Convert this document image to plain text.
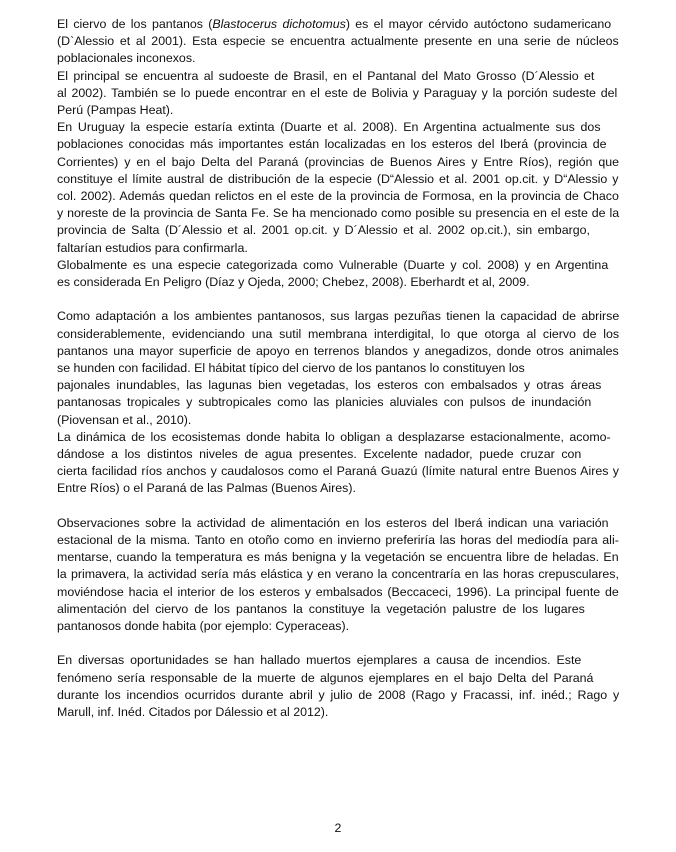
El ciervo de los pantanos (Blastocerus dichotomus) es el mayor cérvido autóctono sudamericano
(D`Alessio et al 2001). Esta especie se encuentra actualmente presente en una serie de núcleos
poblacionales inconexos.
El principal se encuentra al sudoeste de Brasil, en el Pantanal del Mato Grosso (D´Alessio et
al 2002). También se lo puede encontrar en el este de Bolivia y Paraguay y la porción sudeste del
Perú (Pampas Heat).
En Uruguay la especie estaría extinta (Duarte et al. 2008). En Argentina actualmente sus dos
poblaciones conocidas más importantes están localizadas en los esteros del Iberá (provincia de
Corrientes) y en el bajo Delta del Paraná (provincias de Buenos Aires y Entre Ríos), región que
constituye el límite austral de distribución de la especie (D“Alessio et al. 2001 op.cit. y D“Alessio y
col. 2002). Además quedan relictos en el este de la provincia de Formosa, en la provincia de Chaco
y noreste de la provincia de Santa Fe. Se ha mencionado como posible su presencia en el este de la
provincia de Salta (D´Alessio et al. 2001 op.cit. y D´Alessio et al. 2002 op.cit.), sin embargo,
faltarían estudios para confirmarla.
Globalmente es una especie categorizada como Vulnerable (Duarte y col. 2008) y en Argentina
es considerada En Peligro (Díaz y Ojeda, 2000; Chebez, 2008). Eberhardt et al, 2009.
Como adaptación a los ambientes pantanosos, sus largas pezuñas tienen la capacidad de abrirse
considerablemente, evidenciando una sutil membrana interdigital, lo que otorga al ciervo de los
pantanos una mayor superficie de apoyo en terrenos blandos y anegadizos, donde otros animales
se hunden con facilidad. El hábitat típico del ciervo de los pantanos lo constituyen los
pajonales inundables, las lagunas bien vegetadas, los esteros con embalsados y otras áreas
pantanosas tropicales y subtropicales como las planicies aluviales con pulsos de inundación
(Piovensan et al., 2010).
La dinámica de los ecosistemas donde habita lo obligan a desplazarse estacionalmente, acomo-
dándose a los distintos niveles de agua presentes. Excelente nadador, puede cruzar con
cierta facilidad ríos anchos y caudalosos como el Paraná Guazú (límite natural entre Buenos Aires y
Entre Ríos) o el Paraná de las Palmas (Buenos Aires).
Observaciones sobre la actividad de alimentación en los esteros del Iberá indican una variación
estacional de la misma. Tanto en otoño como en invierno preferiría las horas del mediodía para ali-
mentarse, cuando la temperatura es más benigna y la vegetación se encuentra libre de heladas. En
la primavera, la actividad sería más elástica y en verano la concentraría en las horas crepusculares,
moviéndose hacia el interior de los esteros y embalsados (Beccaceci, 1996). La principal fuente de
alimentación del ciervo de los pantanos la constituye la vegetación palustre de los lugares
pantanosos donde habita (por ejemplo: Cyperaceas).
En diversas oportunidades se han hallado muertos ejemplares a causa de incendios. Este
fenómeno sería responsable de la muerte de algunos ejemplares en el bajo Delta del Paraná
durante los incendios ocurridos durante abril y julio de 2008 (Rago y Fracassi, inf. inéd.; Rago y
Marull, inf. Inéd. Citados por Dálessio et al 2012).
2
